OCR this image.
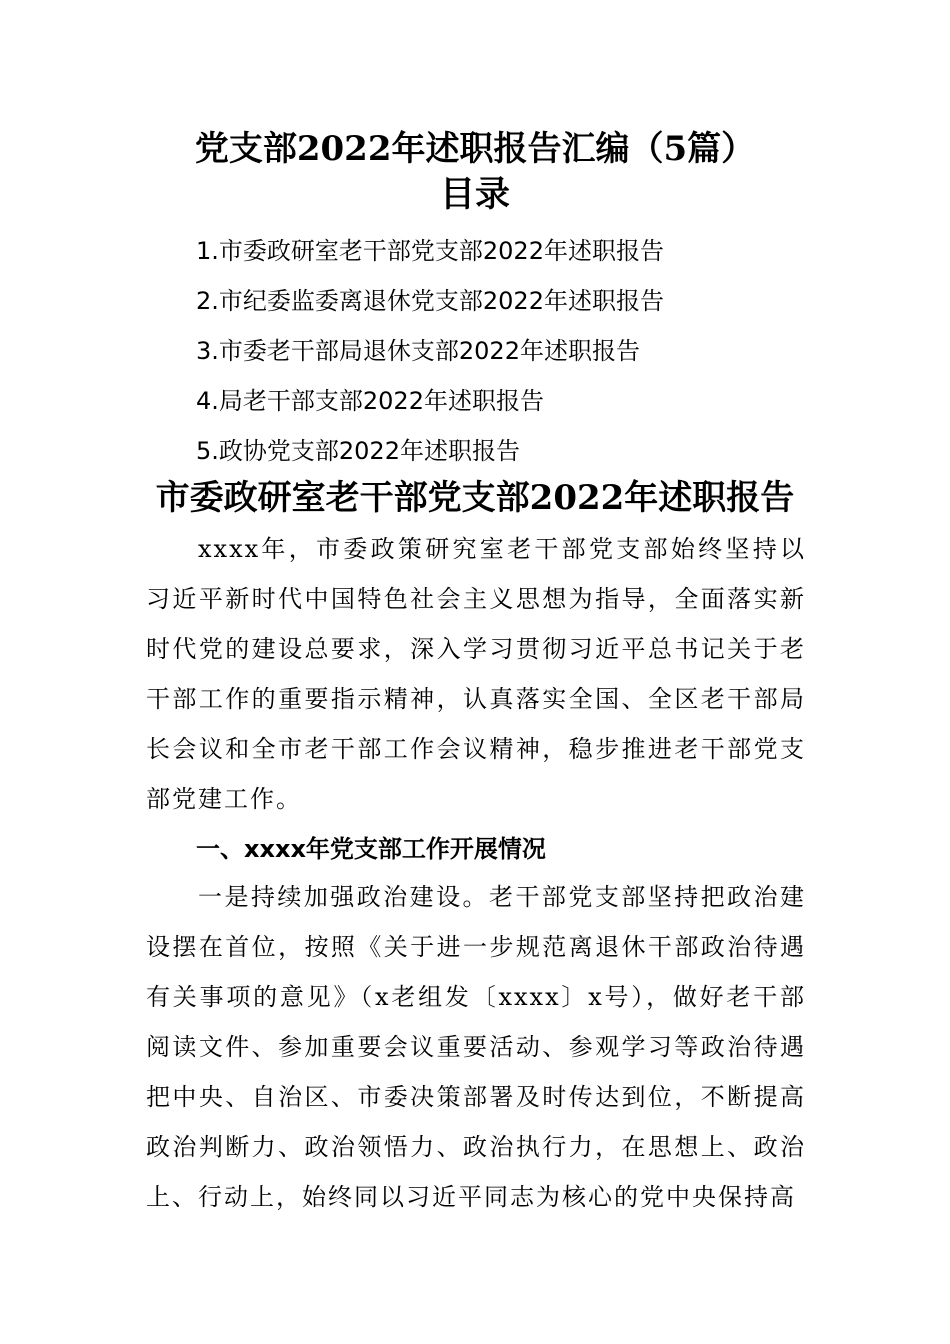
党支部2022年述职报告汇编（5篇）
目录
1.市委政研室老干部党支部2022年述职报告
2.市纪委监委离退休党支部2022年述职报告
3.市委老干部局退休支部2022年述职报告
4.局老干部支部2022年述职报告
5.政协党支部2022年述职报告
市委政研室老干部党支部2022年述职报告

xxxx年，市委政策研究室老干部党支部始终坚持以习近平新时代中国特色社会主义思想为指导，全面落实新时代党的建设总要求，深入学习贯彻习近平总书记关于老干部工作的重要指示精神，认真落实全国、全区老干部局长会议和全市老干部工作会议精神，稳步推进老干部党支部党建工作。

一、xxxx年党支部工作开展情况

一是持续加强政治建设。老干部党支部坚持把政治建设摆在首位，按照《关于进一步规范离退休干部政治待遇有关事项的意见》（x老组发〔xxxx〕x号），做好老干部阅读文件、参加重要会议重要活动、参观学习等政治待遇把中央、自治区、市委决策部署及时传达到位，不断提高政治判断力、政治领悟力、政治执行力，在思想上、政治上、行动上，始终同以习近平同志为核心的党中央保持高
